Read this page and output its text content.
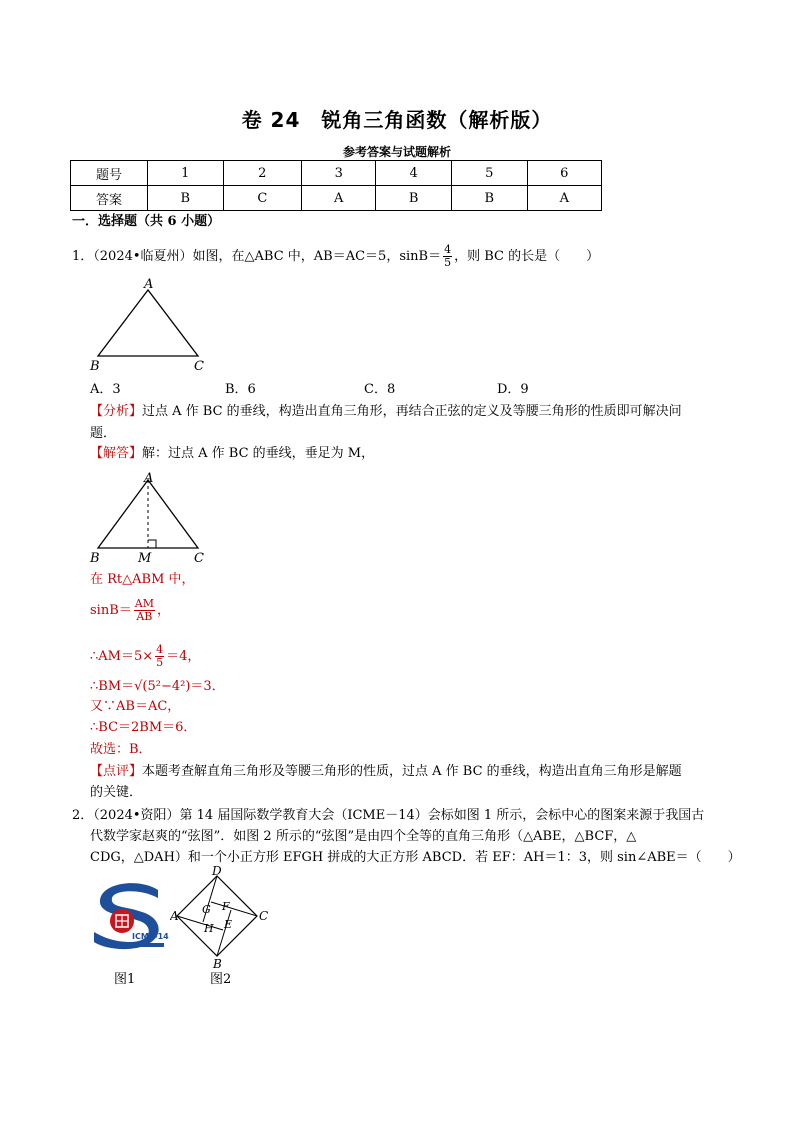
卷 24　锐角三角函数（解析版）
参考答案与试题解析
题号	1	2	3	4	5	6
答案	B	C	A	B	B	A
一．选择题（共 6 小题）
1．（2024•临夏州）如图，在△ABC 中，AB＝AC＝5，$\sin B= \frac{4}{5}$ ，则 BC 的长是（　　）
A
B	C
A．3	B．6	C．8	D．9
【分析】过点 A 作 BC 的垂线，构造出直角三角形，再结合正弦的定义及等腰三角形的性质即可解决问
题．
【解答】解：过点 A 作 BC 的垂线，垂足为 M，
A
B	M	C
在 Rt△ABM 中，
$\sin B= \frac{AM}{AB}$ ，
∴AM＝5× $\frac{4}{5} =4$，
∴BM＝√(5²−4²)＝3．
又∵AB＝AC，
∴BC＝2BM＝6．
故选：B．
【点评】本题考查解直角三角形及等腰三角形的性质，过点 A 作 BC 的垂线，构造出直角三角形是解题
的关键．
2．（2024•资阳）第 14 届国际数学教育大会（ICME－14）会标如图 1 所示，会标中心的图案来源于我国古
代数学家赵爽的“弦图”．如图 2 所示的“弦图”是由四个全等的直角三角形（△ABE，△BCF，△
CDG，△DAH）和一个小正方形 EFGH 拼成的大正方形 ABCD．若 EF：AH＝1：3，则 sin∠ABE＝（　　）
ICME-14
D
A	C
B
G F
H E
图1	图2
